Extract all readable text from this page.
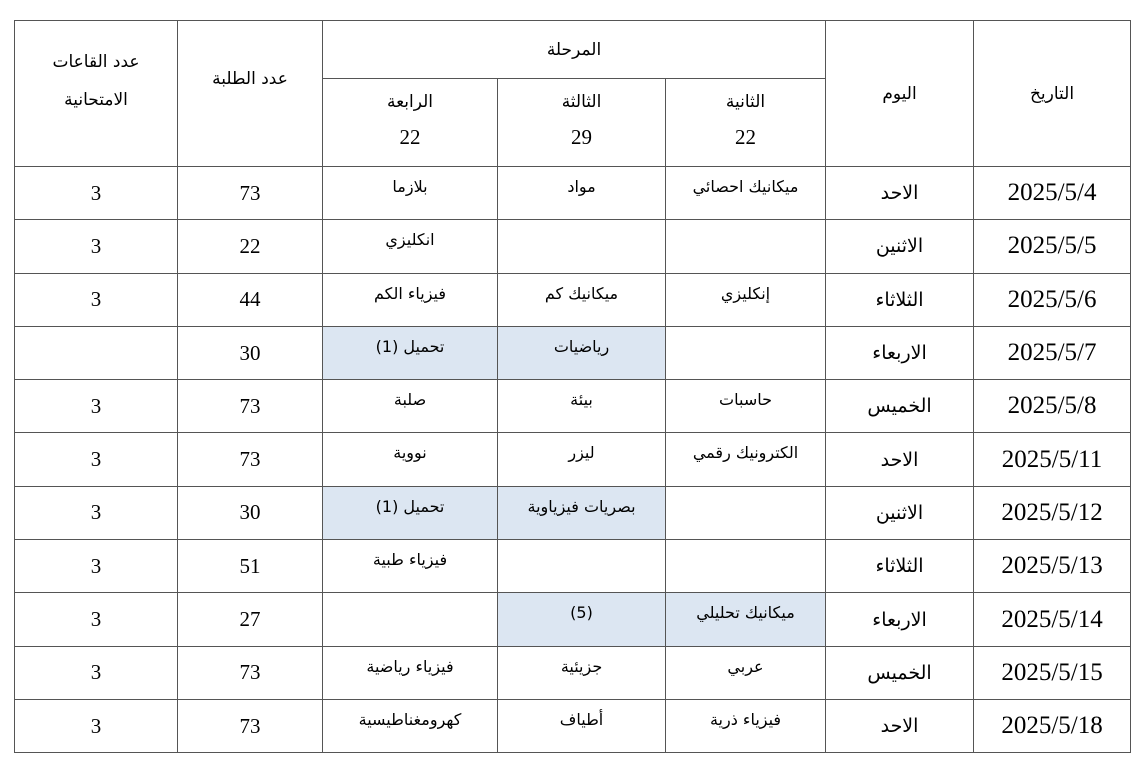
التاريخ	اليوم	المرحلة			عدد الطلبة	عدد القاعات الامتحانية
		الثانية	الثالثة	الرابعة		
		22	29	22		
2025/5/4	الاحد	ميكانيك احصائي	مواد	بلازما	73	3
2025/5/5	الاثنين			انكليزي	22	3
2025/5/6	الثلاثاء	إنكليزي	ميكانيك كم	فيزياء الكم	44	3
2025/5/7	الاربعاء		رياضيات	تحميل (1)	30	
2025/5/8	الخميس	حاسبات	بيئة	صلبة	73	3
2025/5/11	الاحد	الكترونيك رقمي	ليزر	نووية	73	3
2025/5/12	الاثنين		بصريات فيزياوية	تحميل (1)	30	3
2025/5/13	الثلاثاء			فيزياء طبية	51	3
2025/5/14	الاربعاء	ميكانيك تحليلي	(5)		27	3
2025/5/15	الخميس	عربي	جزيئية	فيزياء رياضية	73	3
2025/5/18	الاحد	فيزياء ذرية	أطياف	كهرومغناطيسية	73	3
